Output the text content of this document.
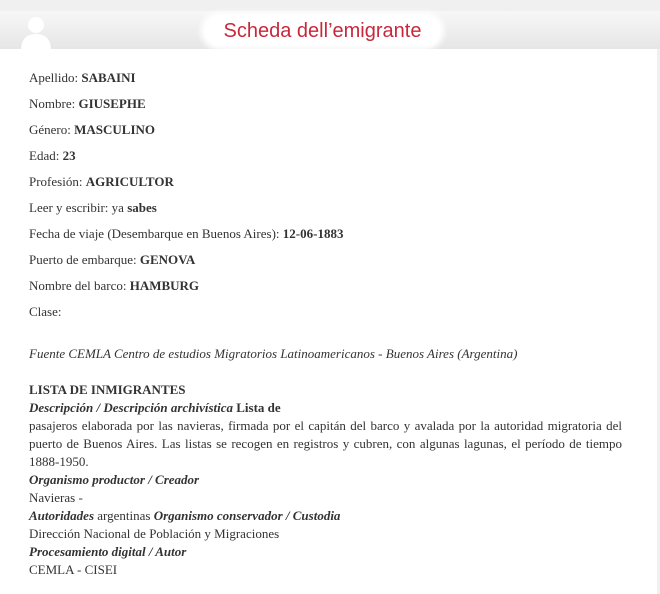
Scheda dell’emigrante
Apellido: SABAINI
Nombre: GIUSEPHE
Género: MASCULINO
Edad: 23
Profesión: AGRICULTOR
Leer y escribir: ya sabes
Fecha de viaje (Desembarque en Buenos Aires): 12-06-1883
Puerto de embarque: GENOVA
Nombre del barco: HAMBURG
Clase:
Fuente CEMLA Centro de estudios Migratorios Latinoamericanos - Buenos Aires (Argentina)
LISTA DE INMIGRANTES
Descripción / Descripción archivística Lista de
pasajeros elaborada por las navieras, firmada por el capitán del barco y avalada por la autoridad migratoria del puerto de Buenos Aires. Las listas se recogen en registros y cubren, con algunas lagunas, el período de tiempo 1888-1950.
Organismo productor / Creador
Navieras -
Autoridades argentinas Organismo conservador / Custodia
Dirección Nacional de Población y Migraciones
Procesamiento digital / Autor
CEMLA - CISEI
